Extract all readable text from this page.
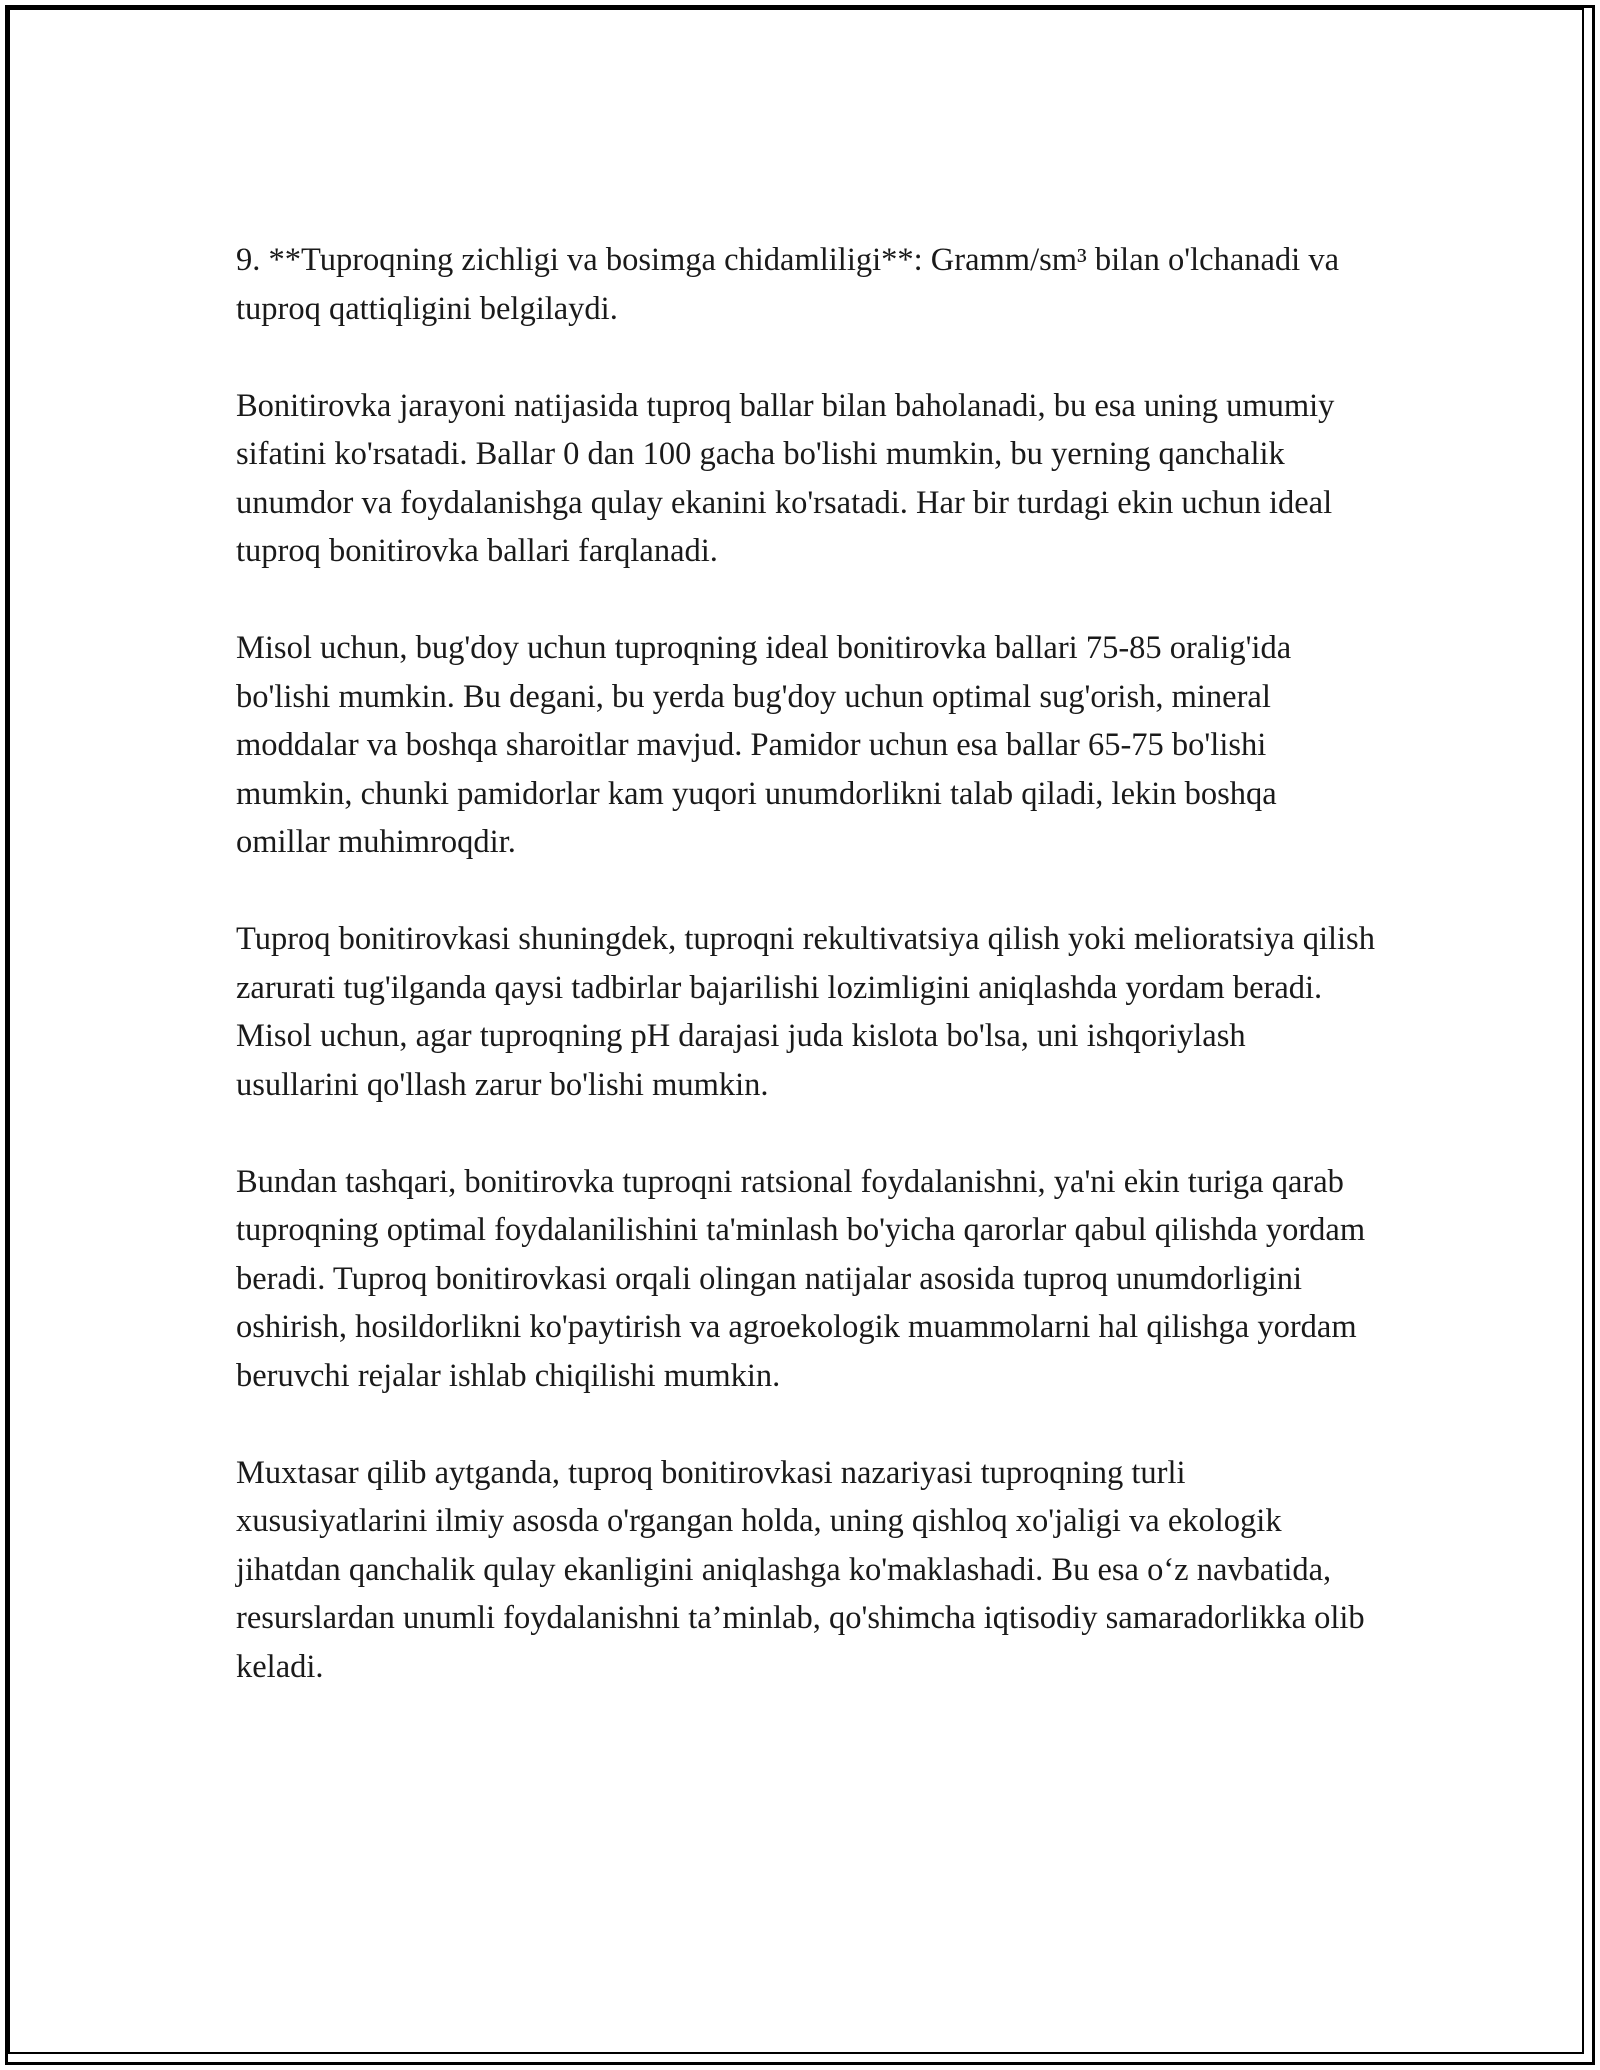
9. **Tuproqning zichligi va bosimga chidamliligi**: Gramm/sm³ bilan o'lchanadi va tuproq qattiqligini belgilaydi.

Bonitirovka jarayoni natijasida tuproq ballar bilan baholanadi, bu esa uning umumiy sifatini ko'rsatadi. Ballar 0 dan 100 gacha bo'lishi mumkin, bu yerning qanchalik unumdor va foydalanishga qulay ekanini ko'rsatadi. Har bir turdagi ekin uchun ideal tuproq bonitirovka ballari farqlanadi.

Misol uchun, bug'doy uchun tuproqning ideal bonitirovka ballari 75-85 oralig'ida bo'lishi mumkin. Bu degani, bu yerda bug'doy uchun optimal sug'orish, mineral moddalar va boshqa sharoitlar mavjud. Pamidor uchun esa ballar 65-75 bo'lishi mumkin, chunki pamidorlar kam yuqori unumdorlikni talab qiladi, lekin boshqa omillar muhimroqdir.

Tuproq bonitirovkasi shuningdek, tuproqni rekultivatsiya qilish yoki melioratsiya qilish zarurati tug'ilganda qaysi tadbirlar bajarilishi lozimligini aniqlashda yordam beradi. Misol uchun, agar tuproqning pH darajasi juda kislota bo'lsa, uni ishqoriylash usullarini qo'llash zarur bo'lishi mumkin.

Bundan tashqari, bonitirovka tuproqni ratsional foydalanishni, ya'ni ekin turiga qarab tuproqning optimal foydalanilishini ta'minlash bo'yicha qarorlar qabul qilishda yordam beradi. Tuproq bonitirovkasi orqali olingan natijalar asosida tuproq unumdorligini oshirish, hosildorlikni ko'paytirish va agroekologik muammolarni hal qilishga yordam beruvchi rejalar ishlab chiqilishi mumkin.

Muxtasar qilib aytganda, tuproq bonitirovkasi nazariyasi tuproqning turli xususiyatlarini ilmiy asosda o'rgangan holda, uning qishloq xo'jaligi va ekologik jihatdan qanchalik qulay ekanligini aniqlashga ko'maklashadi. Bu esa o‘z navbatida, resurslardan unumli foydalanishni ta’minlab, qo'shimcha iqtisodiy samaradorlikka olib keladi.
